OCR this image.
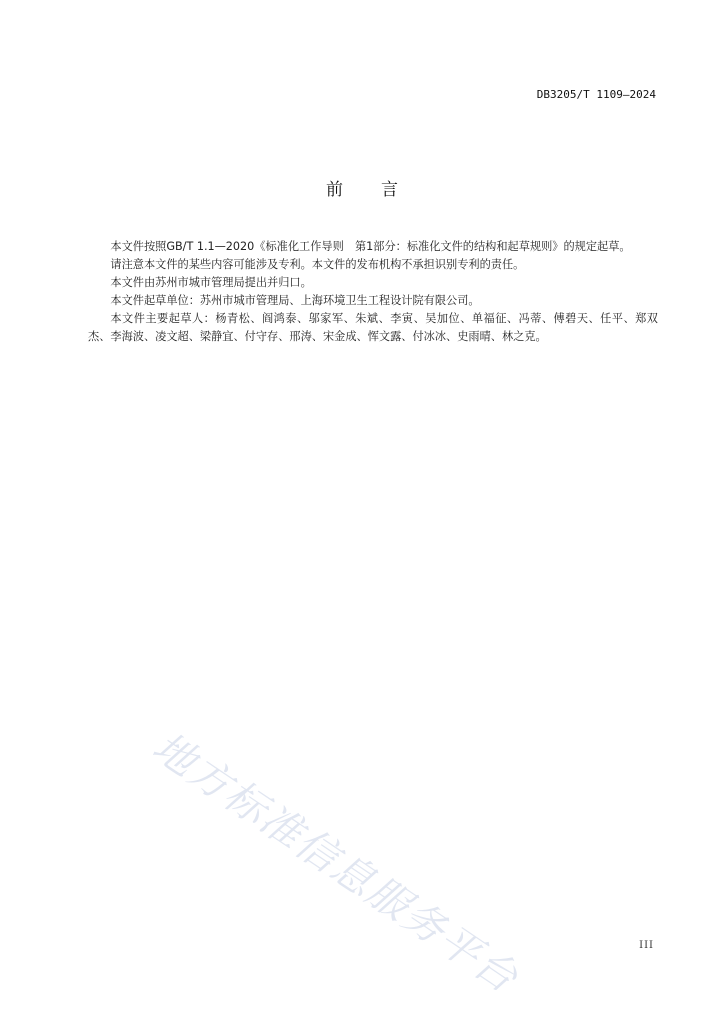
DB3205/T 1109—2024
前言

本文件按照GB/T 1.1—2020《标准化工作导则　第1部分：标准化文件的结构和起草规则》的规定起草。

请注意本文件的某些内容可能涉及专利。本文件的发布机构不承担识别专利的责任。

本文件由苏州市城市管理局提出并归口。

本文件起草单位：苏州市城市管理局、上海环境卫生工程设计院有限公司。

本文件主要起草人：杨青松、阎鸿泰、邬家军、朱斌、李寅、吴加位、单福征、冯蒂、傅碧天、任平、郑双杰、李海波、凌文超、梁静宜、付守存、邢涛、宋金成、恽文露、付冰冰、史雨晴、林之克。

地方标准信息服务平台	III
